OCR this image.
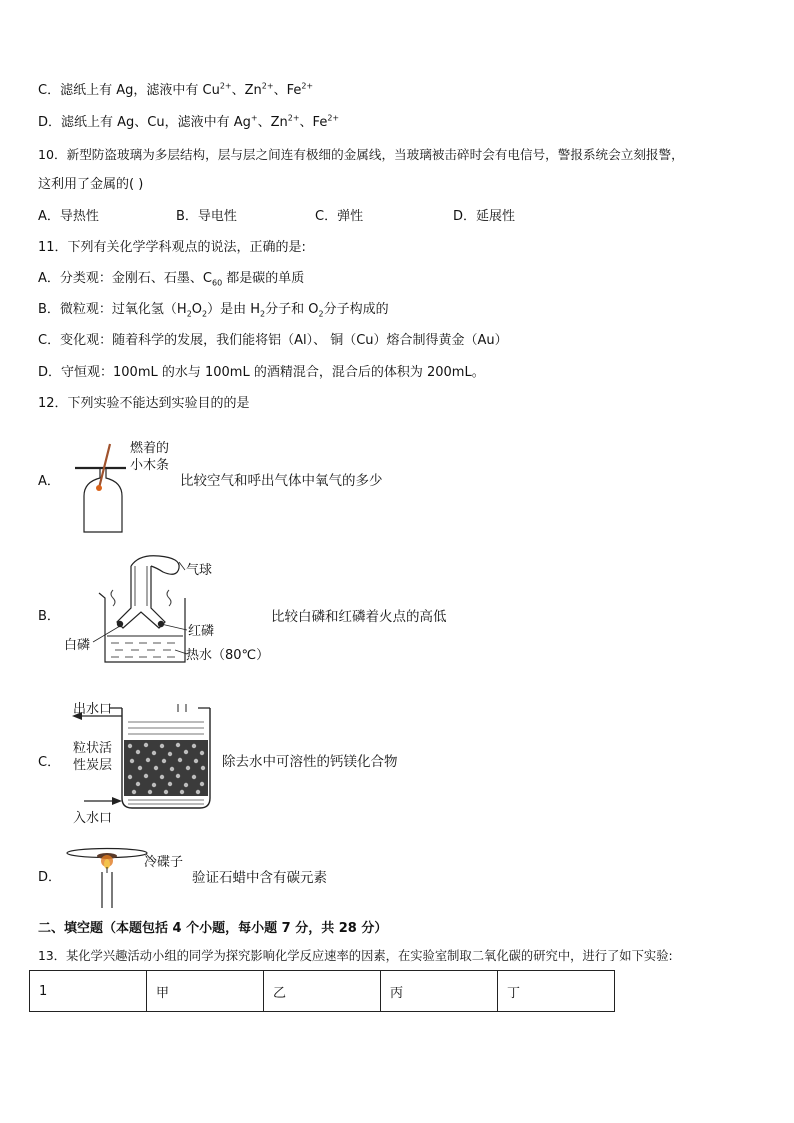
C．滤纸上有 Ag，滤液中有 $Cu^{2+}$、$Zn^{2+}$、$Fe^{2+}$
D．滤纸上有 Ag、Cu，滤液中有 Ag+、$Zn^{2+}$、$Fe^{2+}$
10．新型防盗玻璃为多层结构，层与层之间连有极细的金属线，当玻璃被击碎时会有电信号，警报系统会立刻报警，
这利用了金属的( )
A．导热性	B．导电性	C．弹性	D．延展性
11．下列有关化学学科观点的说法，正确的是:
A．分类观：金刚石、石墨、$C_{60}$ 都是碳的单质
B．微粒观：过氧化氢$(H_2O_2)$是由 $H_2$分子和 $O_2$分子构成的
C．变化观：随着科学的发展，我们能将铝（Al）、 铜（Cu）熔合制得黄金（Au）
D．守恒观：100mL 的水与 100mL 的酒精混合，混合后的体积为 200mL。
12．下列实验不能达到实验目的的是
A．
燃着的
小木条
比较空气和呼出气体中氧气的多少
B．
气球
红磷
白磷
热水（80℃）
比较白磷和红磷着火点的高低
C．
出水口
粒状活
性炭层
入水口
除去水中可溶性的钙镁化合物
D．
冷碟子
验证石蜡中含有碳元素
二、填空题（本题包括 4 个小题，每小题 7 分，共 28 分）
13．某化学兴趣活动小组的同学为探究影响化学反应速率的因素，在实验室制取二氧化碳的研究中，进行了如下实验:
1	甲	乙	丙	丁
